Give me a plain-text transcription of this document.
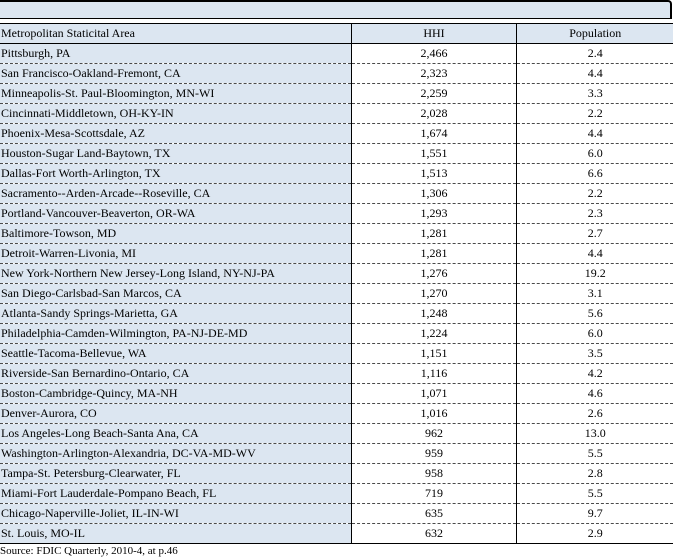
Metropolitan Staticital Area	HHI	Population
Pittsburgh, PA	2,466	2.4
San Francisco-Oakland-Fremont, CA	2,323	4.4
Minneapolis-St. Paul-Bloomington, MN-WI	2,259	3.3
Cincinnati-Middletown, OH-KY-IN	2,028	2.2
Phoenix-Mesa-Scottsdale, AZ	1,674	4.4
Houston-Sugar Land-Baytown, TX	1,551	6.0
Dallas-Fort Worth-Arlington, TX	1,513	6.6
Sacramento--Arden-Arcade--Roseville, CA	1,306	2.2
Portland-Vancouver-Beaverton, OR-WA	1,293	2.3
Baltimore-Towson, MD	1,281	2.7
Detroit-Warren-Livonia, MI	1,281	4.4
New York-Northern New Jersey-Long Island, NY-NJ-PA	1,276	19.2
San Diego-Carlsbad-San Marcos, CA	1,270	3.1
Atlanta-Sandy Springs-Marietta, GA	1,248	5.6
Philadelphia-Camden-Wilmington, PA-NJ-DE-MD	1,224	6.0
Seattle-Tacoma-Bellevue, WA	1,151	3.5
Riverside-San Bernardino-Ontario, CA	1,116	4.2
Boston-Cambridge-Quincy, MA-NH	1,071	4.6
Denver-Aurora, CO	1,016	2.6
Los Angeles-Long Beach-Santa Ana, CA	962	13.0
Washington-Arlington-Alexandria, DC-VA-MD-WV	959	5.5
Tampa-St. Petersburg-Clearwater, FL	958	2.8
Miami-Fort Lauderdale-Pompano Beach, FL	719	5.5
Chicago-Naperville-Joliet, IL-IN-WI	635	9.7
St. Louis, MO-IL	632	2.9
Source: FDIC Quarterly, 2010-4, at p.46
